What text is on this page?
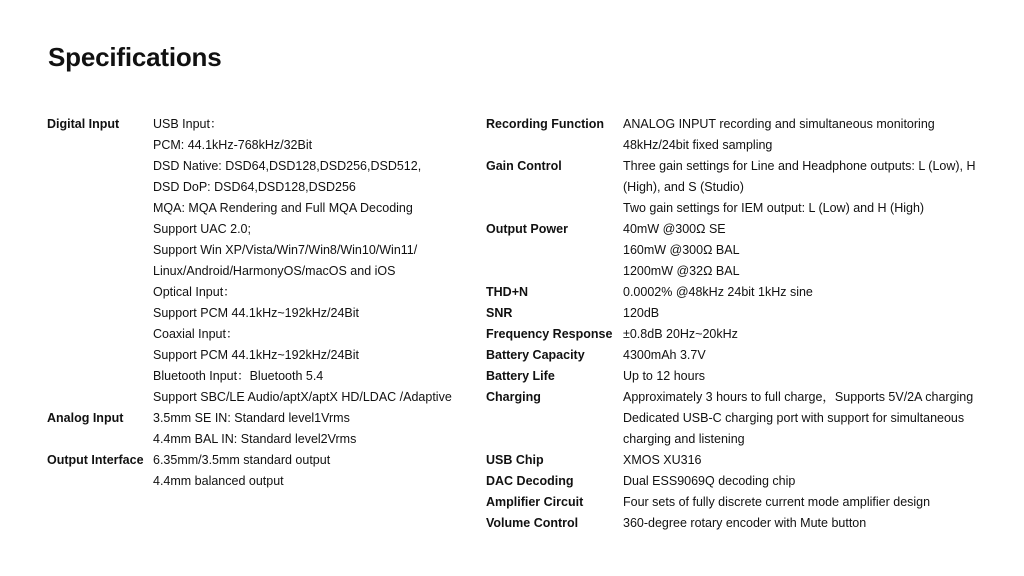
Specifications
Digital Input	USB Input：
PCM: 44.1kHz-768kHz/32Bit
DSD Native: DSD64,DSD128,DSD256,DSD512,
DSD DoP: DSD64,DSD128,DSD256
MQA: MQA Rendering and Full MQA Decoding
Support UAC 2.0;
Support Win XP/Vista/Win7/Win8/Win10/Win11/
Linux/Android/HarmonyOS/macOS and iOS
Optical Input：
Support PCM 44.1kHz~192kHz/24Bit
Coaxial Input：
Support PCM 44.1kHz~192kHz/24Bit
Bluetooth Input：Bluetooth 5.4
Support SBC/LE Audio/aptX/aptX HD/LDAC /Adaptive
Analog Input	3.5mm SE IN: Standard level1Vrms
4.4mm BAL IN: Standard level2Vrms
Output Interface 6.35mm/3.5mm standard output
4.4mm balanced output
Recording Function	ANALOG INPUT recording and simultaneous monitoring
48kHz/24bit fixed sampling
Gain Control	Three gain settings for Line and Headphone outputs: L (Low), H
(High), and S (Studio)
Two gain settings for IEM output: L (Low) and H (High)
Output Power	40mW @300Ω SE
160mW @300Ω BAL
1200mW @32Ω BAL
THD+N	0.0002% @48kHz 24bit 1kHz sine
SNR	120dB
Frequency Response ±0.8dB 20Hz~20kHz
Battery Capacity	4300mAh 3.7V
Battery Life	Up to 12 hours
Charging	Approximately 3 hours to full charge，Supports 5V/2A charging
Dedicated USB-C charging port with support for simultaneous
charging and listening
USB Chip	XMOS XU316
DAC Decoding	Dual ESS9069Q decoding chip
Amplifier Circuit	Four sets of fully discrete current mode amplifier design
Volume Control	360-degree rotary encoder with Mute button
